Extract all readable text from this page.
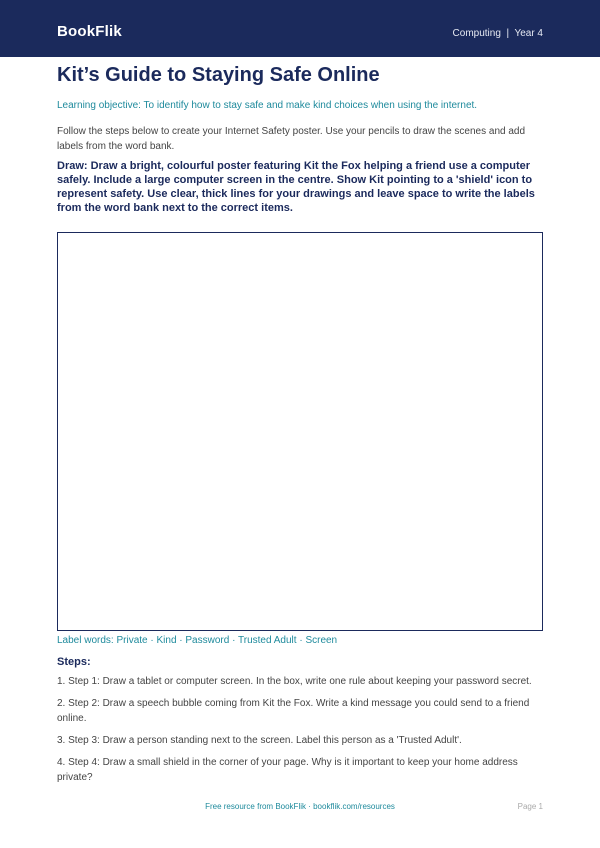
BookFlik	Computing | Year 4
Kit’s Guide to Staying Safe Online

Learning objective: To identify how to stay safe and make kind choices when using the internet.

Follow the steps below to create your Internet Safety poster. Use your pencils to draw the scenes and add labels from the word bank.

Draw: Draw a bright, colourful poster featuring Kit the Fox helping a friend use a computer safely. Include a large computer screen in the centre. Show Kit pointing to a 'shield' icon to represent safety. Use clear, thick lines for your drawings and leave space to write the labels from the word bank next to the correct items.

Label words: Private · Kind · Password · Trusted Adult · Screen
Steps:
1. Step 1: Draw a tablet or computer screen. In the box, write one rule about keeping your password secret.
2. Step 2: Draw a speech bubble coming from Kit the Fox. Write a kind message you could send to a friend online.
3. Step 3: Draw a person standing next to the screen. Label this person as a 'Trusted Adult'.
4. Step 4: Draw a small shield in the corner of your page. Why is it important to keep your home address private?
Free resource from BookFlik · bookflik.com/resources	Page 1
